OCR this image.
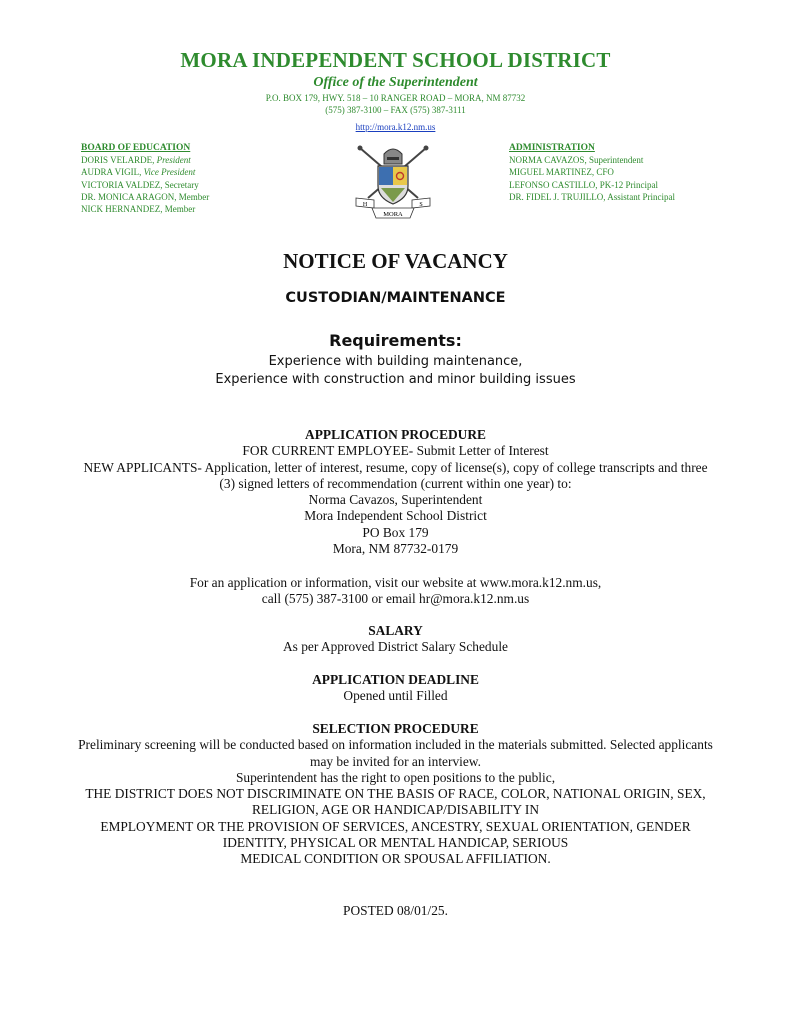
MORA INDEPENDENT SCHOOL DISTRICT
Office of the Superintendent
P.O. BOX 179, HWY. 518 – 10 RANGER ROAD – MORA, NM 87732
(575) 387-3100 – FAX (575) 387-3111
http://mora.k12.nm.us
BOARD OF EDUCATION
DORIS VELARDE, President
AUDRA VIGIL, Vice President
VICTORIA VALDEZ, Secretary
DR. MONICA ARAGON, Member
NICK HERNANDEZ, Member	H	S
MORA
ADMINISTRATION
NORMA CAVAZOS, Superintendent
MIGUEL MARTINEZ, CFO
LEFONSO CASTILLO, PK-12 Principal
DR. FIDEL J. TRUJILLO, Assistant Principal
NOTICE OF VACANCY
CUSTODIAN/MAINTENANCE
Requirements:
Experience with building maintenance,
Experience with construction and minor building issues
APPLICATION PROCEDURE
FOR CURRENT EMPLOYEE- Submit Letter of Interest
NEW APPLICANTS- Application, letter of interest, resume, copy of license(s), copy of college transcripts and three
(3) signed letters of recommendation (current within one year) to:
Norma Cavazos, Superintendent
Mora Independent School District
PO Box 179
Mora, NM 87732-0179
For an application or information, visit our website at www.mora.k12.nm.us,
call (575) 387-3100 or email hr@mora.k12.nm.us
SALARY
As per Approved District Salary Schedule
APPLICATION DEADLINE
Opened until Filled
SELECTION PROCEDURE
Preliminary screening will be conducted based on information included in the materials submitted. Selected applicants
may be invited for an interview.
Superintendent has the right to open positions to the public,
THE DISTRICT DOES NOT DISCRIMINATE ON THE BASIS OF RACE, COLOR, NATIONAL ORIGIN, SEX,
RELIGION, AGE OR HANDICAP/DISABILITY IN
EMPLOYMENT OR THE PROVISION OF SERVICES, ANCESTRY, SEXUAL ORIENTATION, GENDER
IDENTITY, PHYSICAL OR MENTAL HANDICAP, SERIOUS
MEDICAL CONDITION OR SPOUSAL AFFILIATION.
POSTED 08/01/25.
